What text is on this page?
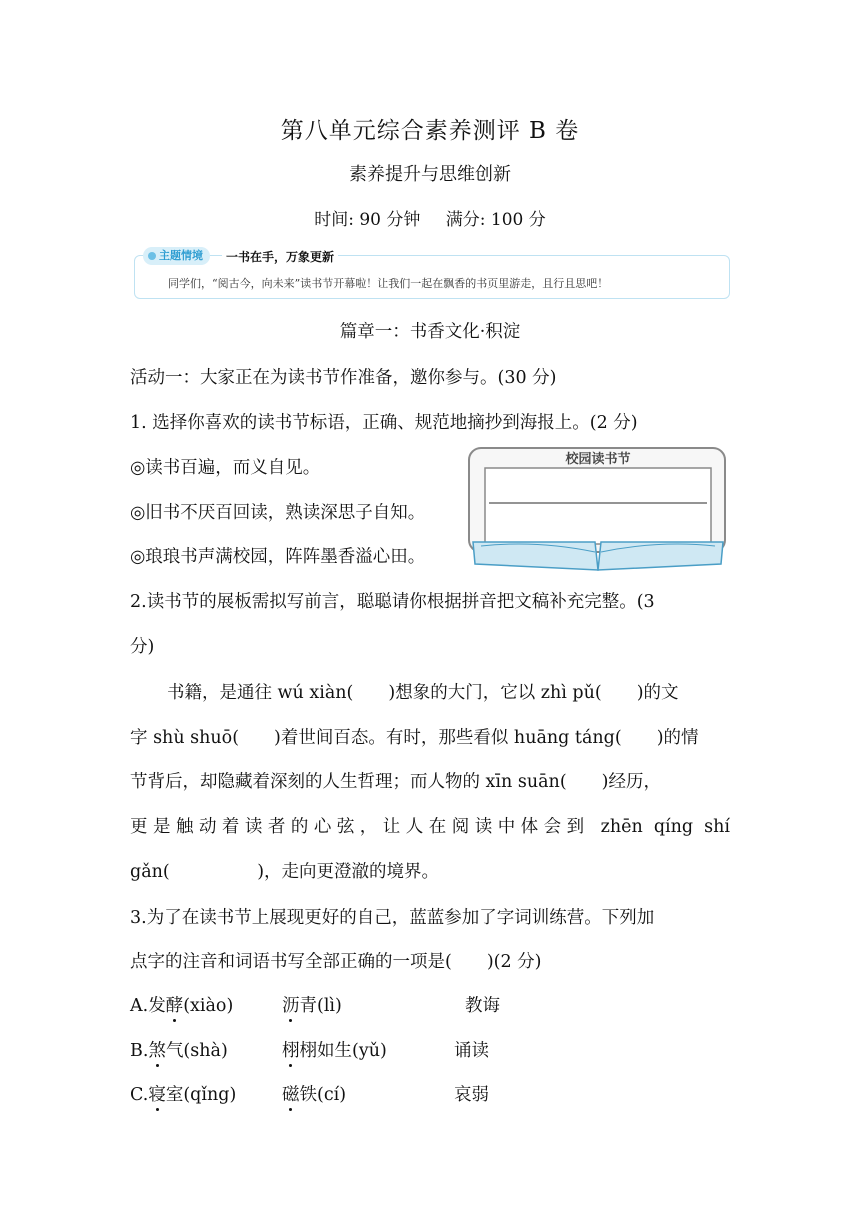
第八单元综合素养测评 B 卷
素养提升与思维创新
时间: 90 分钟 满分: 100 分
主题情境	一书在手，万象更新
同学们，“阅古今，向未来”读书节开幕啦！让我们一起在飘香的书页里游走，且行且思吧！
篇章一：书香文化·积淀
活动一：大家正在为读书节作准备，邀你参与。(30 分)
1. 选择你喜欢的读书节标语，正确、规范地摘抄到海报上。(2 分)
◎读书百遍，而义自见。
◎旧书不厌百回读，熟读深思子自知。
◎琅琅书声满校园，阵阵墨香溢心田。
校园读书节
2.读书节的展板需拟写前言，聪聪请你根据拼音把文稿补充完整。(3
分)
书籍，是通往 wú xiàn(　　)想象的大门，它以 zhì pǔ(　　)的文
字 shù shuō(　　)着世间百态。有时，那些看似 huāng táng(　　)的情
节背后，却隐藏着深刻的人生哲理；而人物的 xīn suān(　　)经历，
更是触动着读者的心弦，让人在阅读中体会到 zhēn qíng shí
gǎn(　　　　　)，走向更澄澈的境界。
3.为了在读书节上展现更好的自己，蓝蓝参加了字词训练营。下列加
点字的注音和词语书写全部正确的一项是(　　)(2 分)
A.发酵(xiào)	沥青(lì)	教诲
B.煞气(shà)	栩栩如生(yǔ)	诵读
C.寝室(qǐng)	磁铁(cí)	哀弱
